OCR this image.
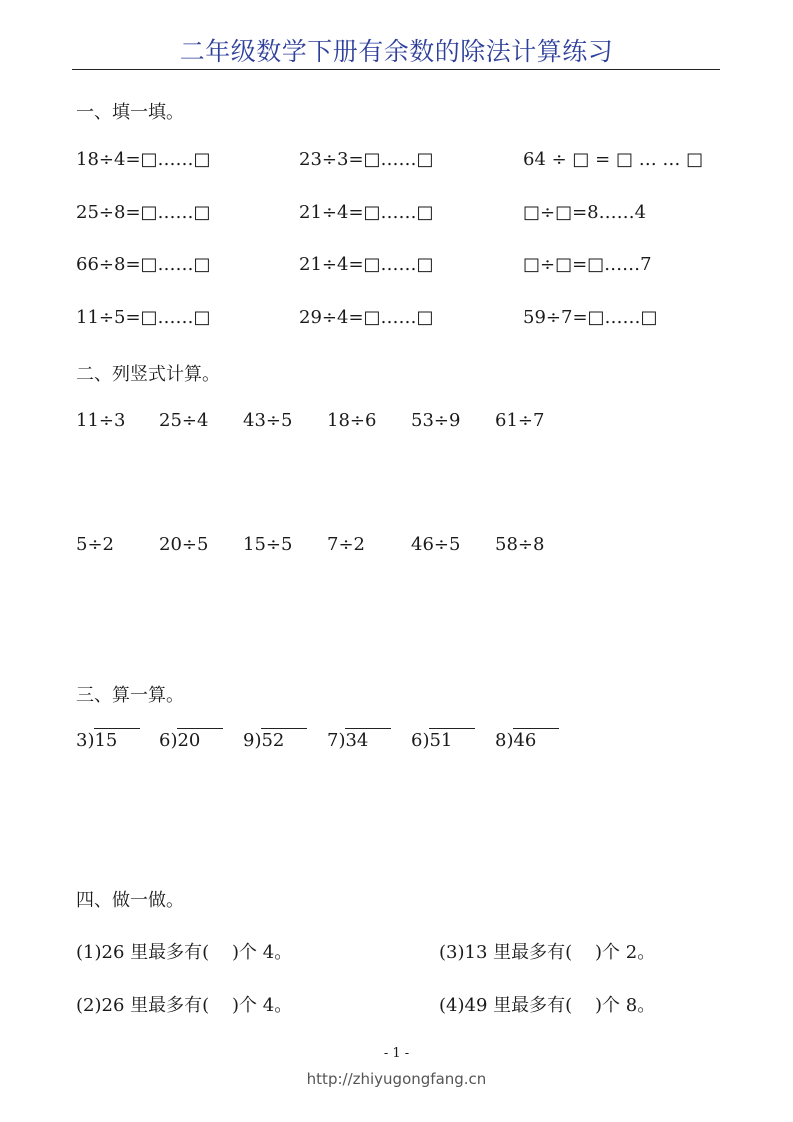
二年级数学下册有余数的除法计算练习
一、填一填。
18÷4=□……□	23÷3=□……□	64 ÷ □ = □ … … □
25÷8=□……□	21÷4=□……□	□÷□=8……4
66÷8=□……□	21÷4=□……□	□÷□=□……7
11÷5=□……□	29÷4=□……□	59÷7=□……□
二、列竖式计算。
11÷3 25÷4 43÷5 18÷6 53÷9 61÷7
5÷2	20÷5 15÷5 7÷2	46÷5 58÷8
三、算一算。
3)15	6)20	9)52	7)34	6)51	8)46
四、做一做。
(1)26 里最多有(    )个 4。	(3)13 里最多有(    )个 2。
(2)26 里最多有(    )个 4。	(4)49 里最多有(    )个 8。
- 1 -
http://zhiyugongfang.cn
